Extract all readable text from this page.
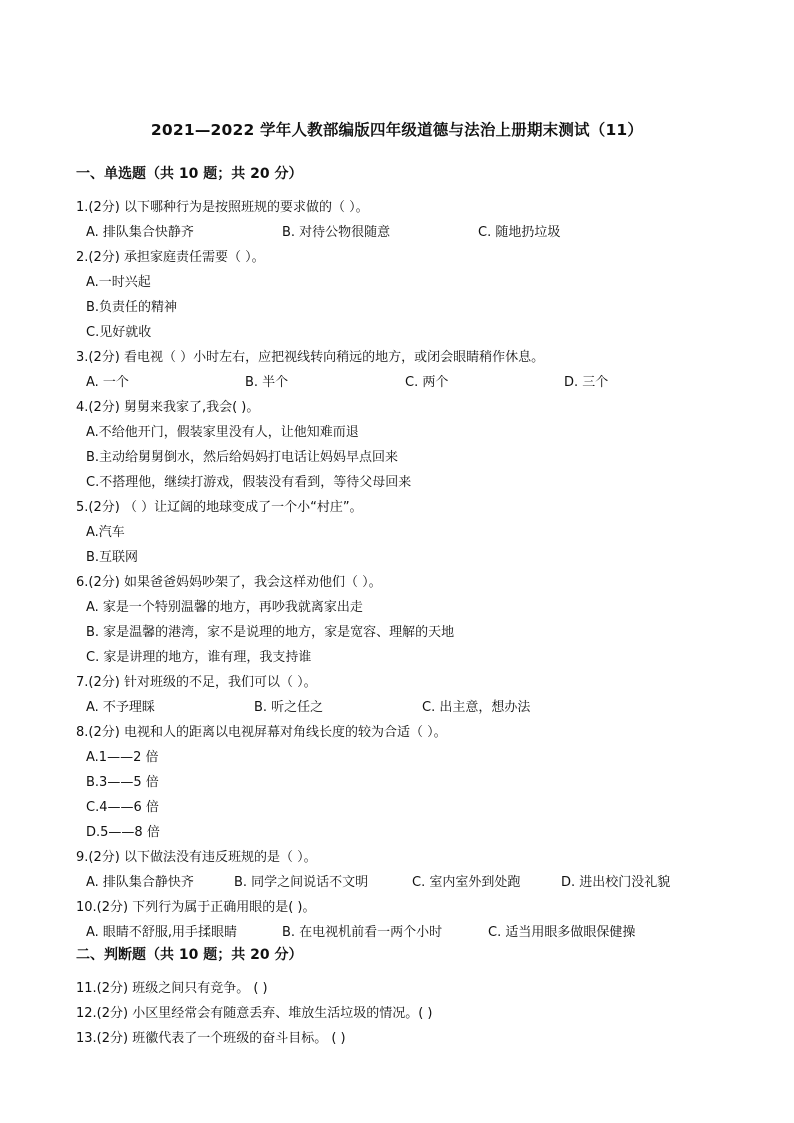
2021—2022 学年人教部编版四年级道德与法治上册期末测试（11）
一、单选题（共 10 题；共 20 分）
1.(2分) 以下哪种行为是按照班规的要求做的（ ）。
A. 排队集合快静齐	B. 对待公物很随意	C. 随地扔垃圾
2.(2分) 承担家庭责任需要（ ）。
A.一时兴起
B.负责任的精神
C.见好就收
3.(2分) 看电视（ ）小时左右，应把视线转向稍远的地方，或闭会眼睛稍作休息。
A. 一个	B. 半个	C. 两个	D. 三个
4.(2分) 舅舅来我家了,我会( )。
A.不给他开门，假装家里没有人，让他知难而退
B.主动给舅舅倒水，然后给妈妈打电话让妈妈早点回来
C.不搭理他，继续打游戏，假装没有看到，等待父母回来
5.(2分) （ ）让辽阔的地球变成了一个小“村庄”。
A.汽车
B.互联网
6.(2分) 如果爸爸妈妈吵架了，我会这样劝他们（ ）。
A. 家是一个特别温馨的地方，再吵我就离家出走
B. 家是温馨的港湾，家不是说理的地方，家是宽容、理解的天地
C. 家是讲理的地方，谁有理，我支持谁
7.(2分) 针对班级的不足，我们可以（ ）。
A. 不予理睬	B. 听之任之	C. 出主意，想办法
8.(2分) 电视和人的距离以电视屏幕对角线长度的较为合适（ ）。
A.1——2 倍
B.3——5 倍
C.4——6 倍
D.5——8 倍
9.(2分) 以下做法没有违反班规的是（ ）。
A. 排队集合静快齐	B. 同学之间说话不文明	C. 室内室外到处跑	D. 进出校门没礼貌
10.(2分) 下列行为属于正确用眼的是( )。
A. 眼睛不舒服,用手揉眼睛	B. 在电视机前看一两个小时	C. 适当用眼多做眼保健操
二、判断题（共 10 题；共 20 分）
11.(2分) 班级之间只有竞争。 ( )
12.(2分) 小区里经常会有随意丢弃、堆放生活垃圾的情况。( )
13.(2分) 班徽代表了一个班级的奋斗目标。 ( )
